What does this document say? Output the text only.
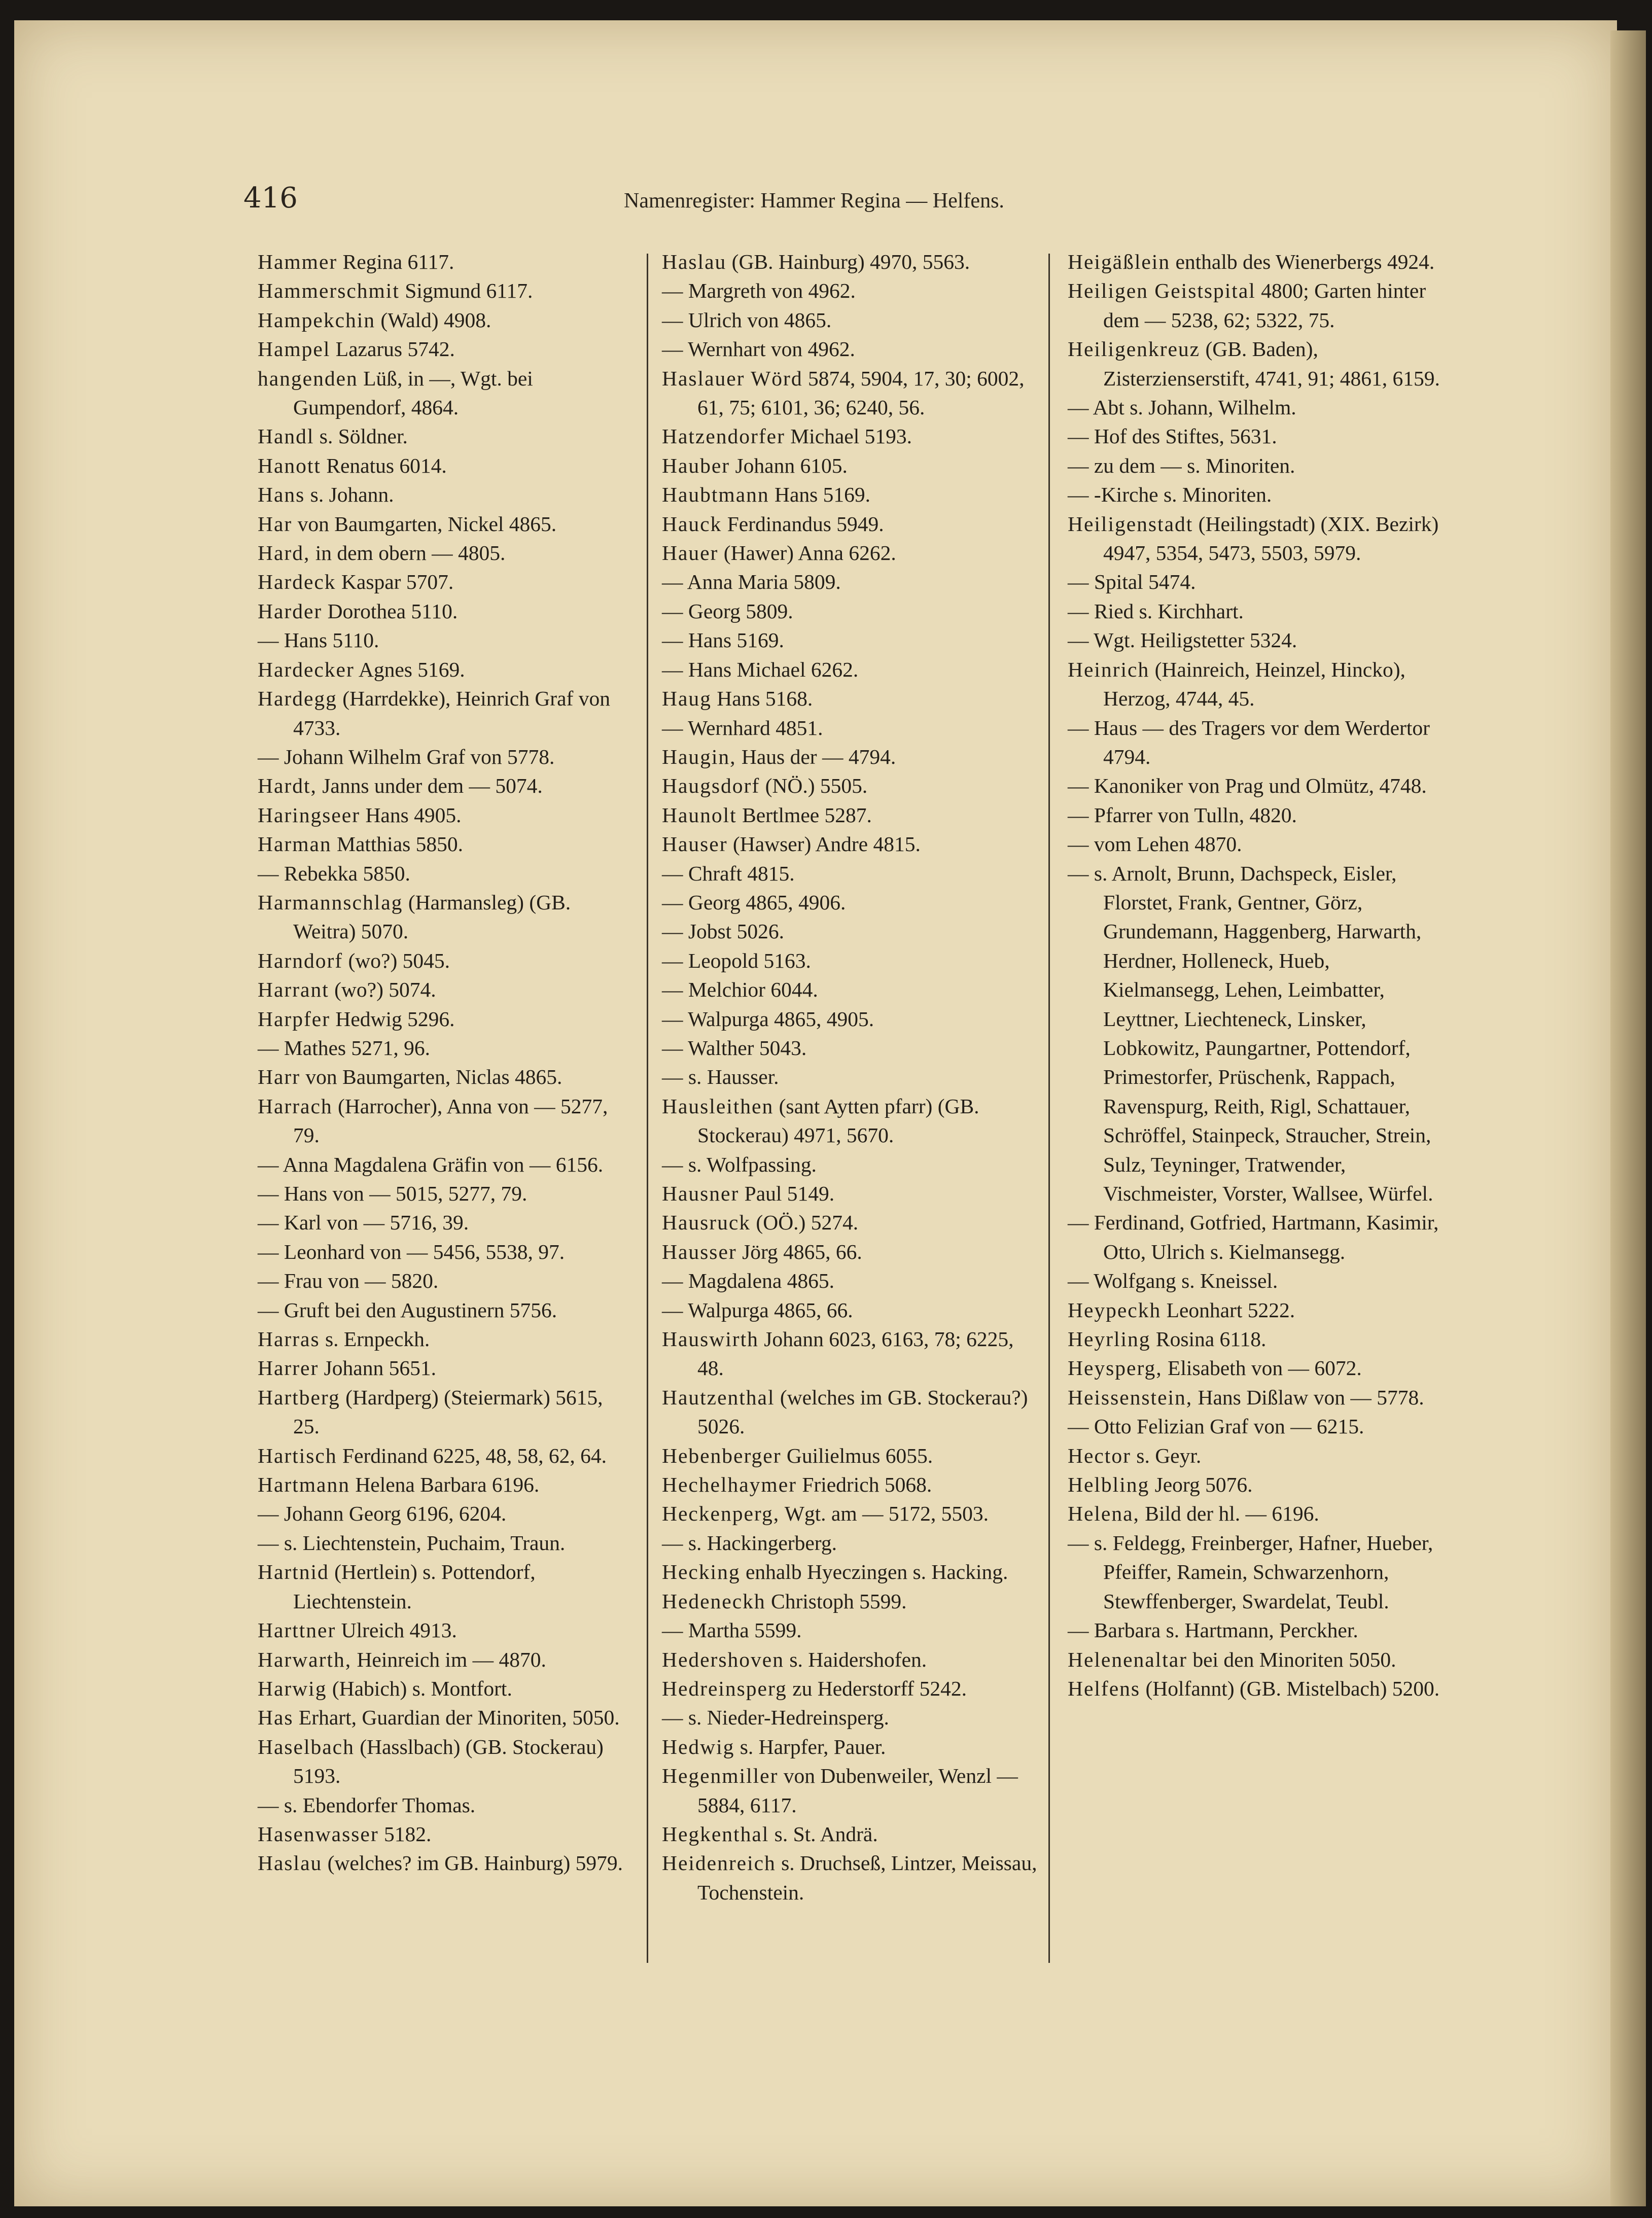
416	Namenregister: Hammer Regina — Helfens.

Hammer Regina 6117.

Hammerschmit Sigmund 6117.

Hampekchin (Wald) 4908.

Hampel Lazarus 5742.

hangenden Lüß, in —, Wgt. bei Gumpendorf, 4864.

Handl s. Söldner.

Hanott Renatus 6014.

Hans s. Johann.

Har von Baumgarten, Nickel 4865.

Hard, in dem obern — 4805.

Hardeck Kaspar 5707.

Harder Dorothea 5110.

— Hans 5110.

Hardecker Agnes 5169.

Hardegg (Harrdekke), Heinrich Graf von 4733.

— Johann Wilhelm Graf von 5778.

Hardt, Janns under dem — 5074.

Haringseer Hans 4905.

Harman Matthias 5850.

— Rebekka 5850.

Harmannschlag (Harmansleg) (GB. Weitra) 5070.

Harndorf (wo?) 5045.

Harrant (wo?) 5074.

Harpfer Hedwig 5296.

— Mathes 5271, 96.

Harr von Baumgarten, Niclas 4865.

Harrach (Harrocher), Anna von — 5277, 79.

— Anna Magdalena Gräfin von — 6156.

— Hans von — 5015, 5277, 79.

— Karl von — 5716, 39.

— Leonhard von — 5456, 5538, 97.

— Frau von — 5820.

— Gruft bei den Augustinern 5756.

Harras s. Ernpeckh.

Harrer Johann 5651.

Hartberg (Hardperg) (Steiermark) 5615, 25.

Hartisch Ferdinand 6225, 48, 58, 62, 64.

Hartmann Helena Barbara 6196.

— Johann Georg 6196, 6204.

— s. Liechtenstein, Puchaim, Traun.

Hartnid (Hertlein) s. Pottendorf, Liechtenstein.

Harttner Ulreich 4913.

Harwarth, Heinreich im — 4870.

Harwig (Habich) s. Montfort.

Has Erhart, Guardian der Minoriten, 5050.

Haselbach (Hasslbach) (GB. Stockerau) 5193.

— s. Ebendorfer Thomas.

Hasenwasser 5182.

Haslau (welches? im GB. Hainburg) 5979.

Haslau (GB. Hainburg) 4970, 5563.

— Margreth von 4962.

— Ulrich von 4865.

— Wernhart von 4962.

Haslauer Wörd 5874, 5904, 17, 30; 6002, 61, 75; 6101, 36; 6240, 56.

Hatzendorfer Michael 5193.

Hauber Johann 6105.

Haubtmann Hans 5169.

Hauck Ferdinandus 5949.

Hauer (Hawer) Anna 6262.

— Anna Maria 5809.

— Georg 5809.

— Hans 5169.

— Hans Michael 6262.

Haug Hans 5168.

— Wernhard 4851.

Haugin, Haus der — 4794.

Haugsdorf (NÖ.) 5505.

Haunolt Bertlmee 5287.

Hauser (Hawser) Andre 4815.

— Chraft 4815.

— Georg 4865, 4906.

— Jobst 5026.

— Leopold 5163.

— Melchior 6044.

— Walpurga 4865, 4905.

— Walther 5043.

— s. Hausser.

Hausleithen (sant Aytten pfarr) (GB. Stockerau) 4971, 5670.

— s. Wolfpassing.

Hausner Paul 5149.

Hausruck (OÖ.) 5274.

Hausser Jörg 4865, 66.

— Magdalena 4865.

— Walpurga 4865, 66.

Hauswirth Johann 6023, 6163, 78; 6225, 48.

Hautzenthal (welches im GB. Stockerau?) 5026.

Hebenberger Guilielmus 6055.

Hechelhaymer Friedrich 5068.

Heckenperg, Wgt. am — 5172, 5503.

— s. Hackingerberg.

Hecking enhalb Hyeczingen s. Hacking.

Hedeneckh Christoph 5599.

— Martha 5599.

Hedershoven s. Haidershofen.

Hedreinsperg zu Hederstorff 5242.

— s. Nieder-Hedreinsperg.

Hedwig s. Harpfer, Pauer.

Hegenmiller von Dubenweiler, Wenzl — 5884, 6117.

Hegkenthal s. St. Andrä.

Heidenreich s. Druchseß, Lintzer, Meissau, Tochenstein.

Heigäßlein enthalb des Wienerbergs 4924.

Heiligen Geistspital 4800; Garten hinter dem — 5238, 62; 5322, 75.

Heiligenkreuz (GB. Baden), Zisterzienserstift, 4741, 91; 4861, 6159.

— Abt s. Johann, Wilhelm.

— Hof des Stiftes, 5631.

— zu dem — s. Minoriten.

— -Kirche s. Minoriten.

Heiligenstadt (Heilingstadt) (XIX. Bezirk) 4947, 5354, 5473, 5503, 5979.

— Spital 5474.

— Ried s. Kirchhart.

— Wgt. Heiligstetter 5324.

Heinrich (Hainreich, Heinzel, Hincko), Herzog, 4744, 45.

— Haus — des Tragers vor dem Werdertor 4794.

— Kanoniker von Prag und Olmütz, 4748.

— Pfarrer von Tulln, 4820.

— vom Lehen 4870.

— s. Arnolt, Brunn, Dachspeck, Eisler, Florstet, Frank, Gentner, Görz, Grundemann, Haggenberg, Harwarth, Herdner, Holleneck, Hueb, Kielmansegg, Lehen, Leimbatter, Leyttner, Liechteneck, Linsker, Lobkowitz, Paungartner, Pottendorf, Primestorfer, Prüschenk, Rappach, Ravenspurg, Reith, Rigl, Schattauer, Schröffel, Stainpeck, Straucher, Strein, Sulz, Teyninger, Tratwender, Vischmeister, Vorster, Wallsee, Würfel.

— Ferdinand, Gotfried, Hartmann, Kasimir, Otto, Ulrich s. Kielmansegg.

— Wolfgang s. Kneissel.

Heypeckh Leonhart 5222.

Heyrling Rosina 6118.

Heysperg, Elisabeth von — 6072.

Heissenstein, Hans Dißlaw von — 5778.

— Otto Felizian Graf von — 6215.

Hector s. Geyr.

Helbling Jeorg 5076.

Helena, Bild der hl. — 6196.

— s. Feldegg, Freinberger, Hafner, Hueber, Pfeiffer, Ramein, Schwarzenhorn, Stewffenberger, Swardelat, Teubl.

— Barbara s. Hartmann, Perckher.

Helenenaltar bei den Minoriten 5050.

Helfens (Holfannt) (GB. Mistelbach) 5200.
